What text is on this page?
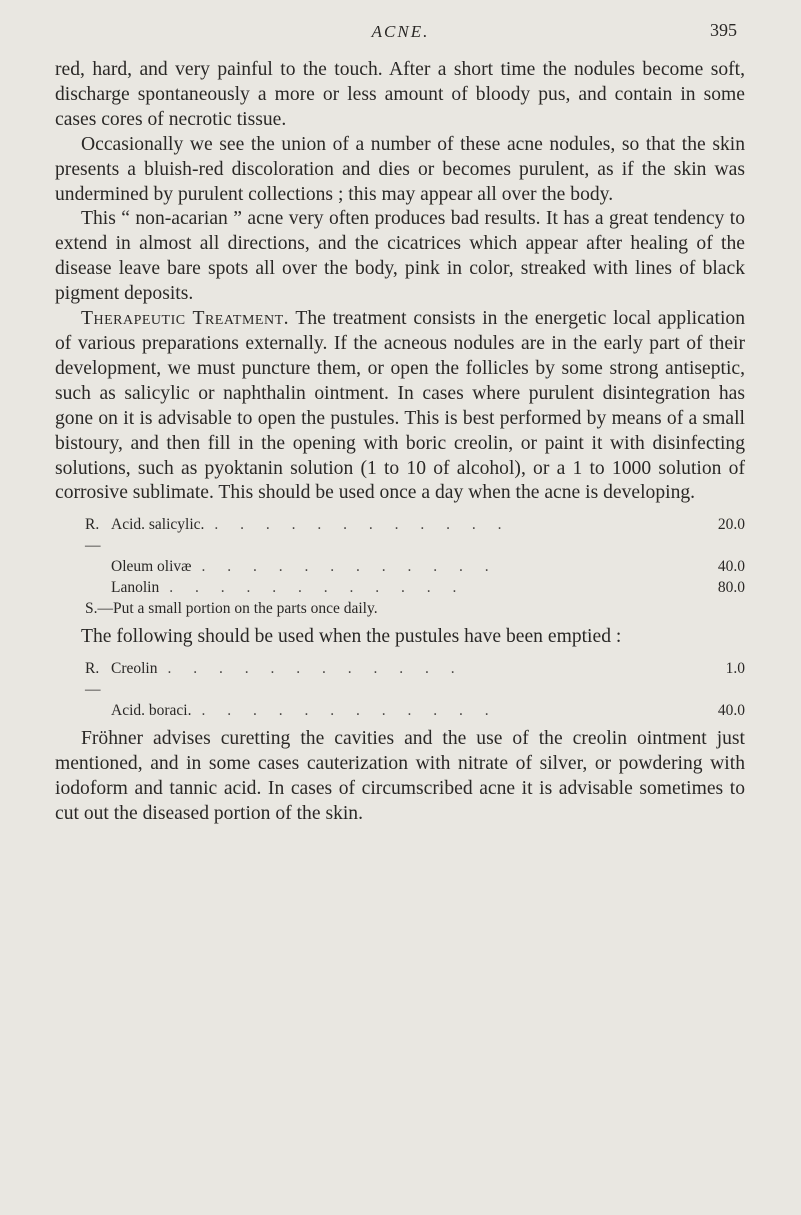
ACNE.	395

red, hard, and very painful to the touch. After a short time the nodules become soft, discharge spontaneously a more or less amount of bloody pus, and contain in some cases cores of necrotic tissue.

Occasionally we see the union of a number of these acne nodules, so that the skin presents a bluish-red discoloration and dies or becomes purulent, as if the skin was undermined by purulent collections ; this may appear all over the body.

This “ non-acarian ” acne very often produces bad results. It has a great tendency to extend in almost all directions, and the cicatrices which appear after healing of the disease leave bare spots all over the body, pink in color, streaked with lines of black pigment deposits.

Therapeutic Treatment. The treatment consists in the energetic local application of various preparations externally. If the acneous nodules are in the early part of their development, we must puncture them, or open the follicles by some strong antiseptic, such as salicylic or naphthalin ointment. In cases where purulent disintegration has gone on it is advisable to open the pustules. This is best performed by means of a small bistoury, and then fill in the opening with boric creolin, or paint it with disinfecting solutions, such as pyoktanin solution (1 to 10 of alcohol), or a 1 to 1000 solution of corrosive sublimate. This should be used once a day when the acne is developing.

R.—
Acid. salicylic. . . . . . . . . . . . .	20.0
Oleum olivæ . . . . . . . . . . . .	40.0
Lanolin . . . . . . . . . . . .	80.0
S.—Put a small portion on the parts once daily.

The following should be used when the pustules have been emptied :

R.—
Creolin . . . . . . . . . . . .	1.0
Acid. boraci. . . . . . . . . . . . .	40.0

Fröhner advises curetting the cavities and the use of the creolin ointment just mentioned, and in some cases cauterization with nitrate of silver, or powdering with iodoform and tannic acid. In cases of circumscribed acne it is advisable sometimes to cut out the diseased portion of the skin.
